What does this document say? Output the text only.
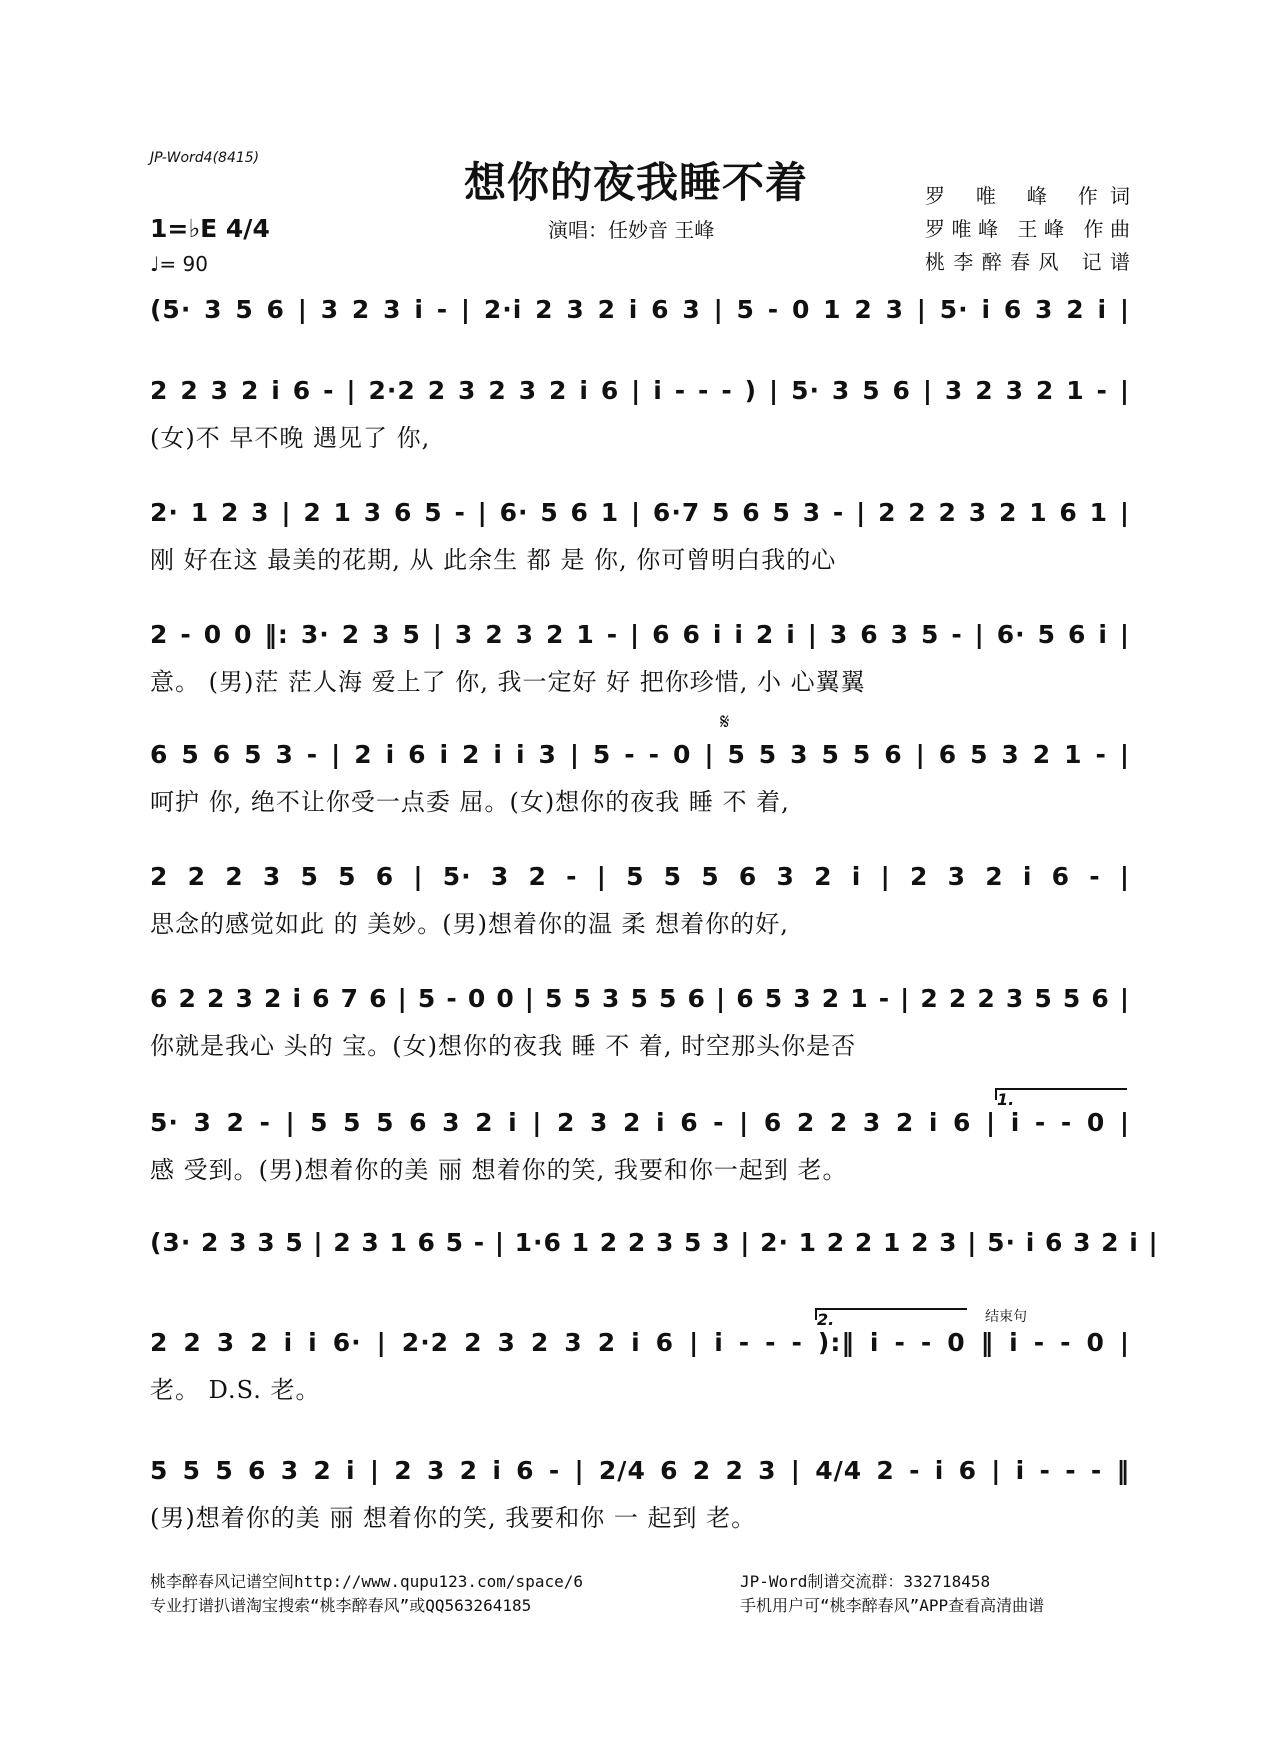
JP-Word4(8415)	想你的夜我睡不着
演唱：任妙音 王峰
罗 唯 峰 作词
罗唯峰 王峰 作曲
桃李醉春风 记谱
1=♭E 4/4
♩= 90
(5· 3 5 6 | 3 2 3 i - | 2·i 2 3 2 i 6 3 | 5 - 0 1 2 3 | 5· i 6 3 2 i |
2 2 3 2 i 6 - | 2·2 2 3 2 3 2 i 6 | i - - - ) | 5· 3 5 6 | 3 2 3 2 1 - |
(女)不 早不晚 遇见了 你,
2· 1 2 3 | 2 1 3 6 5 - | 6· 5 6 1 | 6·7 5 6 5 3 - | 2 2 2 3 2 1 6 1 |
刚 好在这 最美的花期, 从 此余生 都 是 你, 你可曾明白我的心
2 - 0 0 ‖: 3· 2 3 5 | 3 2 3 2 1 - | 6 6 i i 2 i | 3 6 3 5 - | 6· 5 6 i |
意。 (男)茫 茫人海 爱上了 你, 我一定好 好 把你珍惜, 小 心翼翼
6 5 6 5 3 - | 2 i 6 i 2 i i 3 | 5 - - 0 | 5 5 3 5 5 6 | 6 5 3 2 1 - |
呵护 你, 绝不让你受一点委 屈。(女)想你的夜我 睡 不 着,
𝄋
2 2 2 3 5 5 6 | 5· 3 2 - | 5 5 5 6 3 2 i | 2 3 2 i 6 - |
思念的感觉如此 的 美妙。(男)想着你的温 柔 想着你的好,
6 2 2 3 2 i 6 7 6 | 5 - 0 0 | 5 5 3 5 5 6 | 6 5 3 2 1 - | 2 2 2 3 5 5 6 |
你就是我心 头的 宝。(女)想你的夜我 睡 不 着, 时空那头你是否
5· 3 2 - | 5 5 5 6 3 2 i | 2 3 2 i 6 - | 6 2 2 3 2 i 6 | i - - 0 |
感 受到。(男)想着你的美 丽 想着你的笑, 我要和你一起到 老。
1.
(3· 2 3 3 5 | 2 3 1 6 5 - | 1·6 1 2 2 3 5 3 | 2· 1 2 2 1 2 3 | 5· i 6 3 2 i |
2 2 3 2 i i 6· | 2·2 2 3 2 3 2 i 6 | i - - - ):‖ i - - 0 ‖ i - - 0 |
老。 D.S. 老。
2.	结束句
5 5 5 6 3 2 i | 2 3 2 i 6 - | 2/4 6 2 2 3 | 4/4 2 - i 6 | i - - - ‖
(男)想着你的美 丽 想着你的笑, 我要和你 一 起到 老。
桃李醉春风记谱空间http://www.qupu123.com/space/6
专业打谱扒谱淘宝搜索“桃李醉春风”或QQ563264185
JP-Word制谱交流群：332718458
手机用户可“桃李醉春风”APP查看高清曲谱
